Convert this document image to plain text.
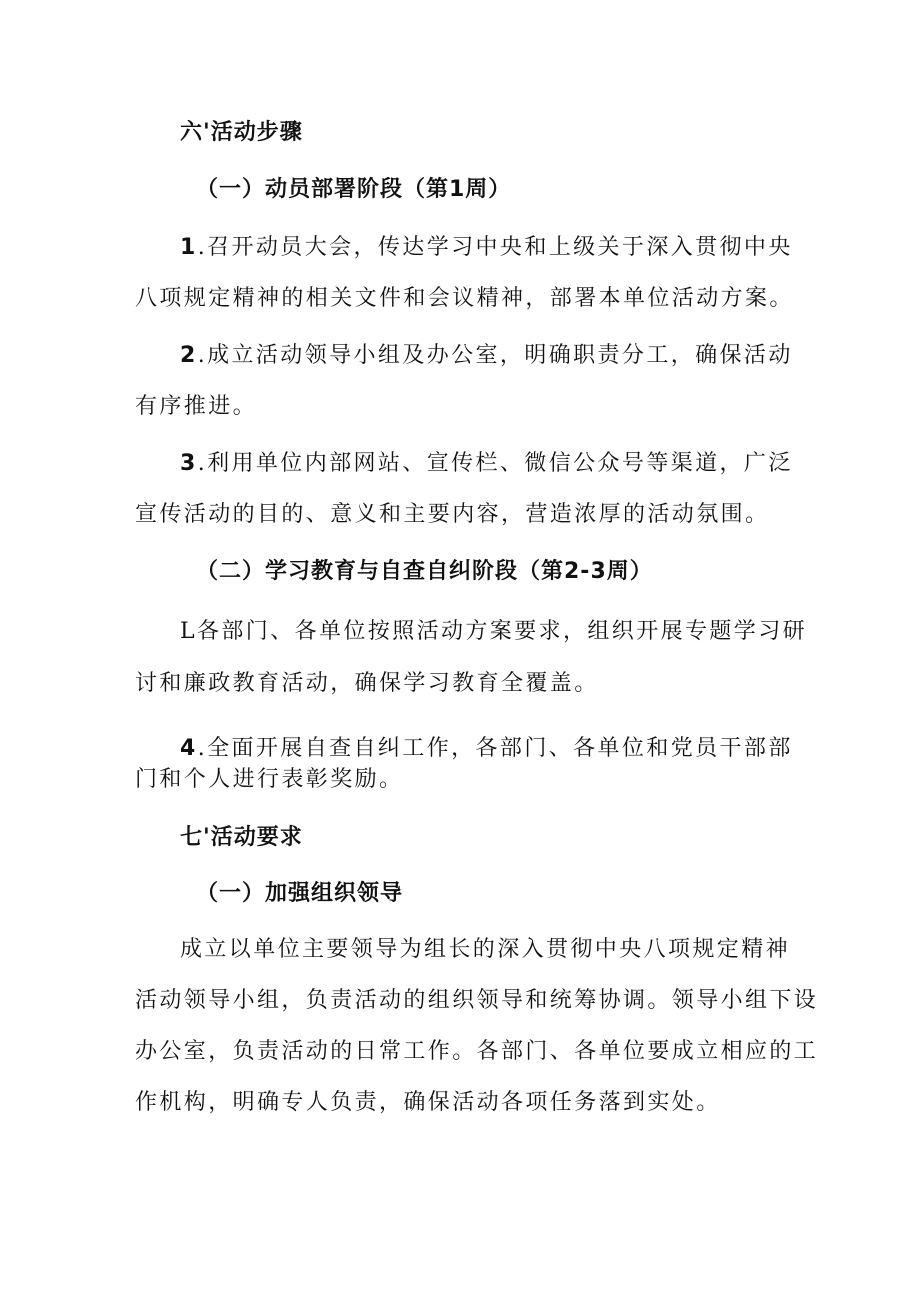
六'活动步骤
（一）动员部署阶段（第1周）
1.召开动员大会，传达学习中央和上级关于深入贯彻中央
八项规定精神的相关文件和会议精神，部署本单位活动方案。
2.成立活动领导小组及办公室，明确职责分工，确保活动
有序推进。
3.利用单位内部网站、宣传栏、微信公众号等渠道，广泛
宣传活动的目的、意义和主要内容，营造浓厚的活动氛围。
（二）学习教育与自查自纠阶段（第2-3周）
L各部门、各单位按照活动方案要求，组织开展专题学习研
讨和廉政教育活动，确保学习教育全覆盖。
4.全面开展自查自纠工作，各部门、各单位和党员干部部
门和个人进行表彰奖励。
七'活动要求
（一）加强组织领导
成立以单位主要领导为组长的深入贯彻中央八项规定精神
活动领导小组，负责活动的组织领导和统筹协调。领导小组下设
办公室，负责活动的日常工作。各部门、各单位要成立相应的工
作机构，明确专人负责，确保活动各项任务落到实处。
